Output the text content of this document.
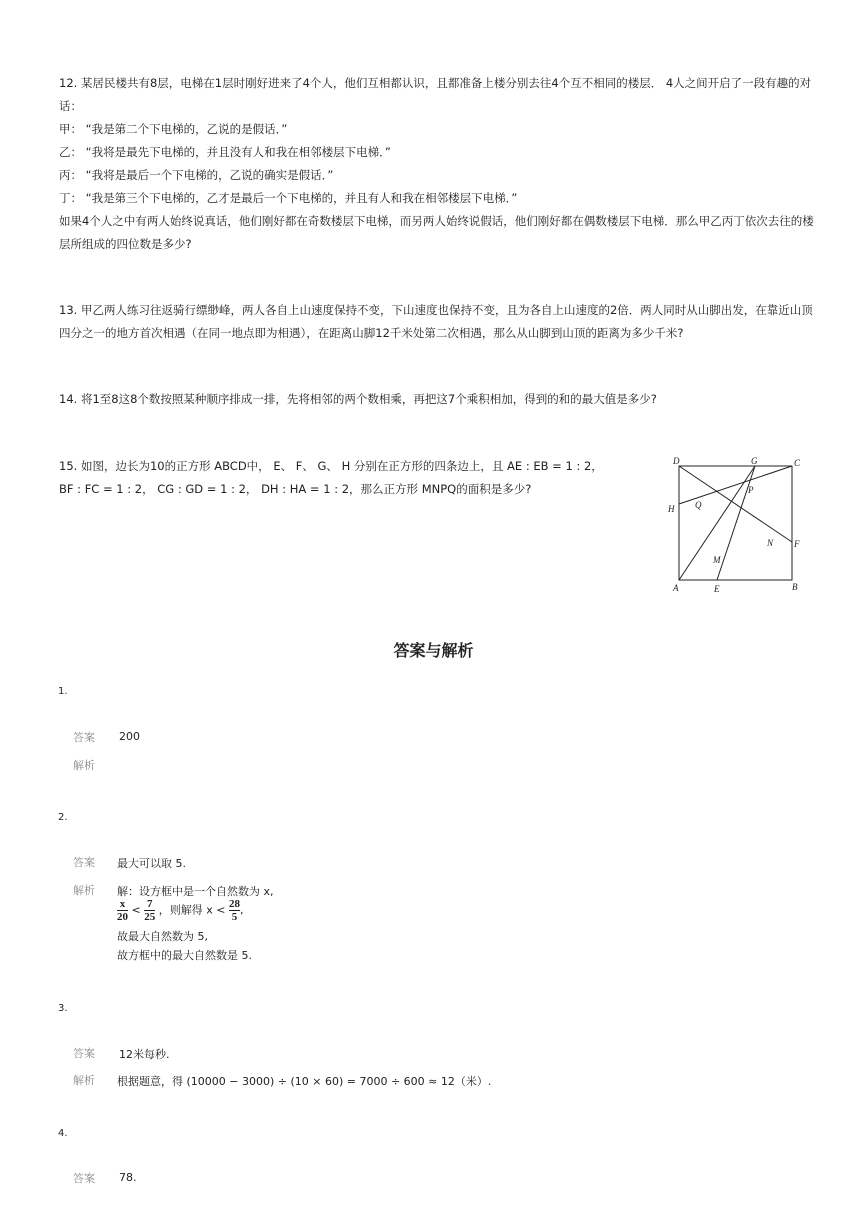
12. 某居民楼共有8层，电梯在1层时刚好进来了4个人，他们互相都认识，且都准备上楼分别去往4个互不相同的楼层． 4人之间开启了一段有趣的对
话：
甲： “我是第二个下电梯的，乙说的是假话．”
乙： “我将是最先下电梯的，并且没有人和我在相邻楼层下电梯．”
丙： “我将是最后一个下电梯的，乙说的确实是假话．”
丁： “我是第三个下电梯的，乙才是最后一个下电梯的，并且有人和我在相邻楼层下电梯．”
如果4个人之中有两人始终说真话，他们刚好都在奇数楼层下电梯，而另两人始终说假话，他们刚好都在偶数楼层下电梯．那么甲乙丙丁依次去往的楼
层所组成的四位数是多少?
13. 甲乙两人练习往返骑行缥缈峰，两人各自上山速度保持不变，下山速度也保持不变，且为各自上山速度的2倍．两人同时从山脚出发，在靠近山顶
四分之一的地方首次相遇（在同一地点即为相遇），在距离山脚12千米处第二次相遇，那么从山脚到山顶的距离为多少千米?
14. 将1至8这8个数按照某种顺序排成一排，先将相邻的两个数相乘，再把这7个乘积相加，得到的和的最大值是多少?
15. 如图，边长为10的正方形 ABCD中， E、 F、 G、 H 分别在正方形的四条边上，且 AE : EB = 1 : 2，
BF : FC = 1 : 2， CG : GD = 1 : 2， DH : HA = 1 : 2，那么正方形 MNPQ的面积是多少?
D	G	C
H Q
P
N F
M
A	E	B
答案与解析
1.
答案 200
解析
2.
答案 最大可以取 5.
解析 解：设方框中是一个自然数为 x,
$\frac{x}{20} < \frac{7}{25}$ ，则解得 $x < \frac{28}{5}$ ,
故最大自然数为 5,
故方框中的最大自然数是 5.
3.
答案 12米每秒.
解析 根据题意，得 (10000 − 3000) ÷ (10 × 60) = 7000 ÷ 600 ≈ 12（米）.
4.
答案 78.
